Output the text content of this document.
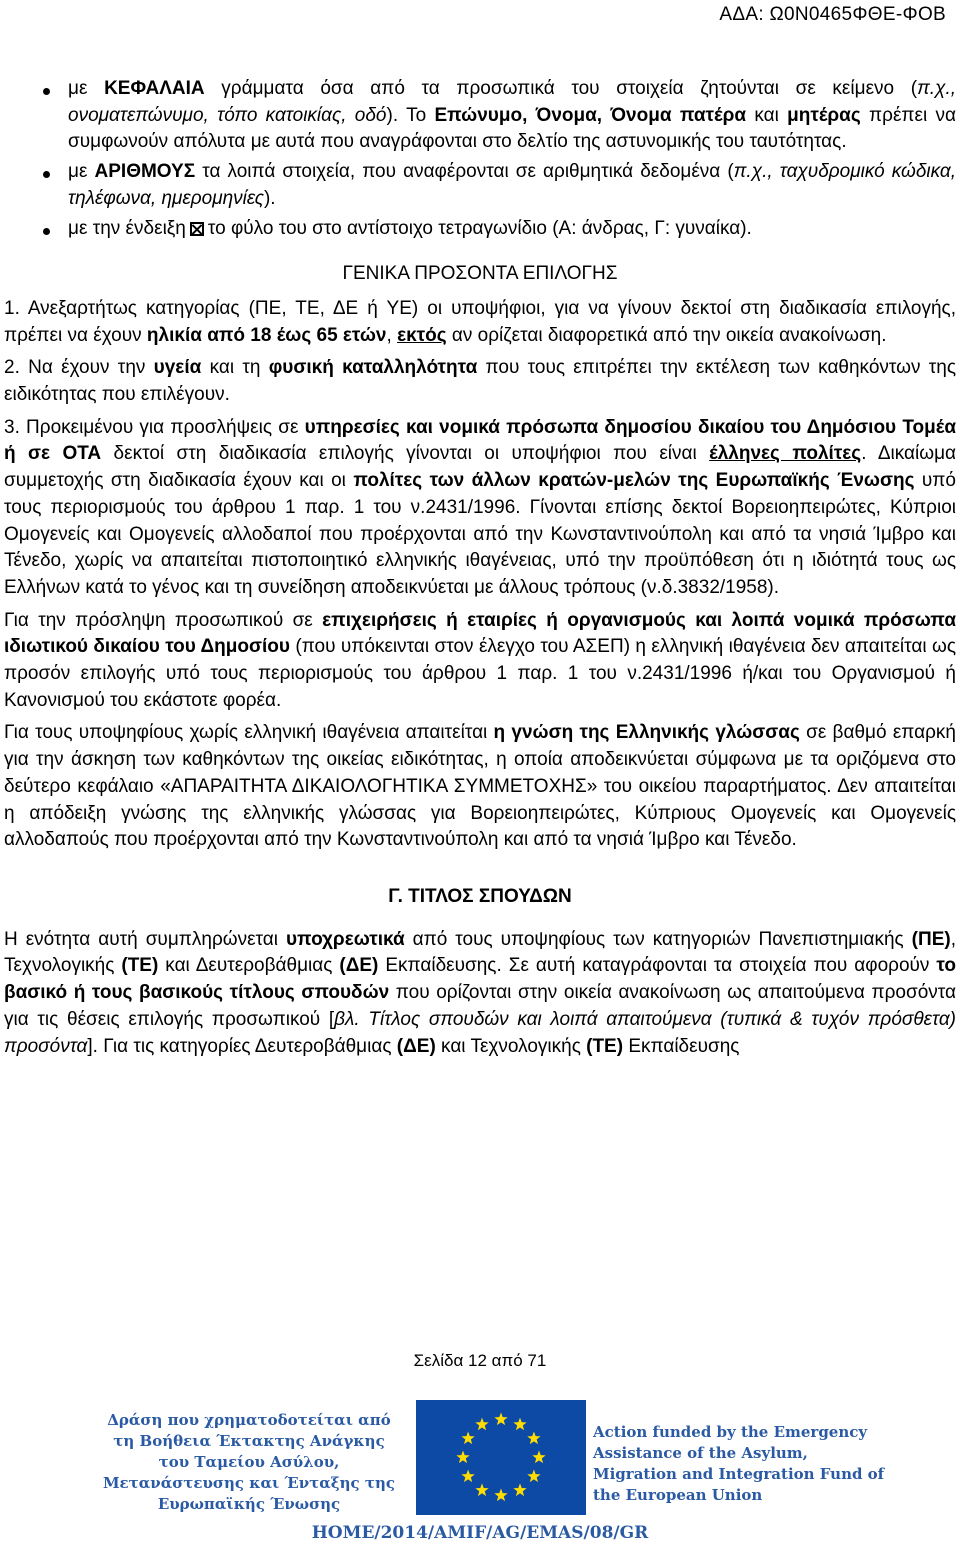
ΑΔΑ: Ω0Ν0465ΦΘΕ-ΦΟΒ
με ΚΕΦΑΛΑΙΑ γράμματα όσα από τα προσωπικά του στοιχεία ζητούνται σε κείμενο (π.χ., ονοματεπώνυμο, τόπο κατοικίας, οδό). Το Επώνυμο, Όνομα, Όνομα πατέρα και μητέρας πρέπει να συμφωνούν απόλυτα με αυτά που αναγράφονται στο δελτίο της αστυνομικής του ταυτότητας.
με ΑΡΙΘΜΟΥΣ τα λοιπά στοιχεία, που αναφέρονται σε αριθμητικά δεδομένα (π.χ., ταχυδρομικό κώδικα, τηλέφωνα, ημερομηνίες).
με την ένδειξη το φύλο του στο αντίστοιχο τετραγωνίδιο (Α: άνδρας, Γ: γυναίκα).
ΓΕΝΙΚΑ ΠΡΟΣΟΝΤΑ ΕΠΙΛΟΓΗΣ

1. Ανεξαρτήτως κατηγορίας (ΠΕ, ΤΕ, ΔΕ ή ΥΕ) οι υποψήφιοι, για να γίνουν δεκτοί στη διαδικασία επιλογής, πρέπει να έχουν ηλικία από 18 έως 65 ετών, εκτός αν ορίζεται διαφορετικά από την οικεία ανακοίνωση.

2. Να έχουν την υγεία και τη φυσική καταλληλότητα που τους επιτρέπει την εκτέλεση των καθηκόντων της ειδικότητας που επιλέγουν.

3. Προκειμένου για προσλήψεις σε υπηρεσίες και νομικά πρόσωπα δημοσίου δικαίου του Δημόσιου Τομέα ή σε ΟΤΑ δεκτοί στη διαδικασία επιλογής γίνονται οι υποψήφιοι που είναι έλληνες πολίτες. Δικαίωμα συμμετοχής στη διαδικασία έχουν και οι πολίτες των άλλων κρατών-μελών της Ευρωπαϊκής Ένωσης υπό τους περιορισμούς του άρθρου 1 παρ. 1 του ν.2431/1996. Γίνονται επίσης δεκτοί Βορειοηπειρώτες, Κύπριοι Ομογενείς και Ομογενείς αλλοδαποί που προέρχονται από την Κωνσταντινούπολη και από τα νησιά Ίμβρο και Τένεδο, χωρίς να απαιτείται πιστοποιητικό ελληνικής ιθαγένειας, υπό την προϋπόθεση ότι η ιδιότητά τους ως Ελλήνων κατά το γένος και τη συνείδηση αποδεικνύεται με άλλους τρόπους (ν.δ.3832/1958).

Για την πρόσληψη προσωπικού σε επιχειρήσεις ή εταιρίες ή οργανισμούς και λοιπά νομικά πρόσωπα ιδιωτικού δικαίου του Δημοσίου (που υπόκεινται στον έλεγχο του ΑΣΕΠ) η ελληνική ιθαγένεια δεν απαιτείται ως προσόν επιλογής υπό τους περιορισμούς του άρθρου 1 παρ. 1 του ν.2431/1996 ή/και του Οργανισμού ή Κανονισμού του εκάστοτε φορέα.

Για τους υποψηφίους χωρίς ελληνική ιθαγένεια απαιτείται η γνώση της Ελληνικής γλώσσας σε βαθμό επαρκή για την άσκηση των καθηκόντων της οικείας ειδικότητας, η οποία αποδεικνύεται σύμφωνα με τα οριζόμενα στο δεύτερο κεφάλαιο «ΑΠΑΡΑΙΤΗΤΑ ΔΙΚΑΙΟΛΟΓΗΤΙΚΑ ΣΥΜΜΕΤΟΧΗΣ» του οικείου παραρτήματος. Δεν απαιτείται η απόδειξη γνώσης της ελληνικής γλώσσας για Βορειοηπειρώτες, Κύπριους Ομογενείς και Ομογενείς αλλοδαπούς που προέρχονται από την Κωνσταντινούπολη και από τα νησιά Ίμβρο και Τένεδο.

Γ. ΤΙΤΛΟΣ ΣΠΟΥΔΩΝ

Η ενότητα αυτή συμπληρώνεται υποχρεωτικά από τους υποψηφίους των κατηγοριών Πανεπιστημιακής (ΠΕ), Τεχνολογικής (ΤΕ) και Δευτεροβάθμιας (ΔΕ) Εκπαίδευσης. Σε αυτή καταγράφονται τα στοιχεία που αφορούν το βασικό ή τους βασικούς τίτλους σπουδών που ορίζονται στην οικεία ανακοίνωση ως απαιτούμενα προσόντα για τις θέσεις επιλογής προσωπικού [βλ. Τίτλος σπουδών και λοιπά απαιτούμενα (τυπικά & τυχόν πρόσθετα) προσόντα]. Για τις κατηγορίες Δευτεροβάθμιας (ΔΕ) και Τεχνολογικής (ΤΕ) Εκπαίδευσης

Σελίδα 12 από 71
Δράση που χρηματοδοτείται από τη Βοήθεια Έκτακτης Ανάγκης του Ταμείου Ασύλου, Μετανάστευσης και Ένταξης της Ευρωπαϊκής Ένωσης
Action funded by the Emergency Assistance of the Asylum, Migration and Integration Fund of the European Union
HOME/2014/AMIF/AG/EMAS/08/GR
